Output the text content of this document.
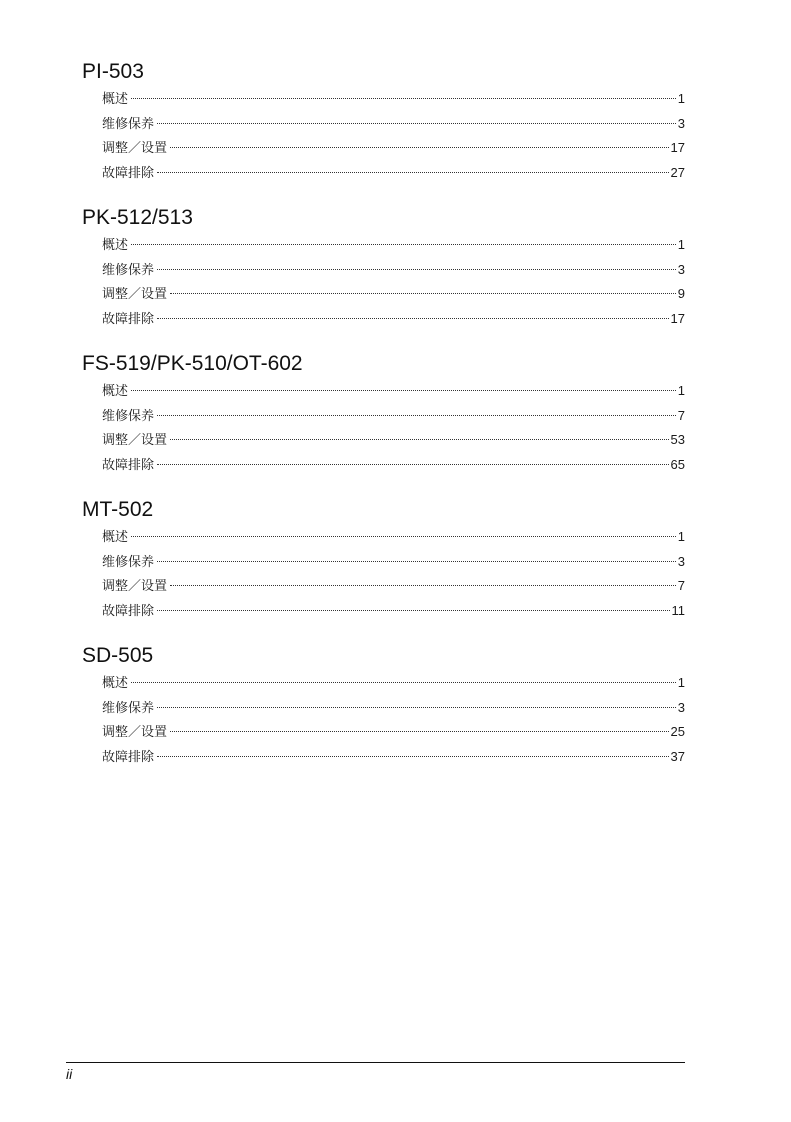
PI-503
概述	1
维修保养	3
调整／设置	17
故障排除	27
PK-512/513
概述	1
维修保养	3
调整／设置	9
故障排除	17
FS-519/PK-510/OT-602
概述	1
维修保养	7
调整／设置	53
故障排除	65
MT-502
概述	1
维修保养	3
调整／设置	7
故障排除	11
SD-505
概述	1
维修保养	3
调整／设置	25
故障排除	37
ii
